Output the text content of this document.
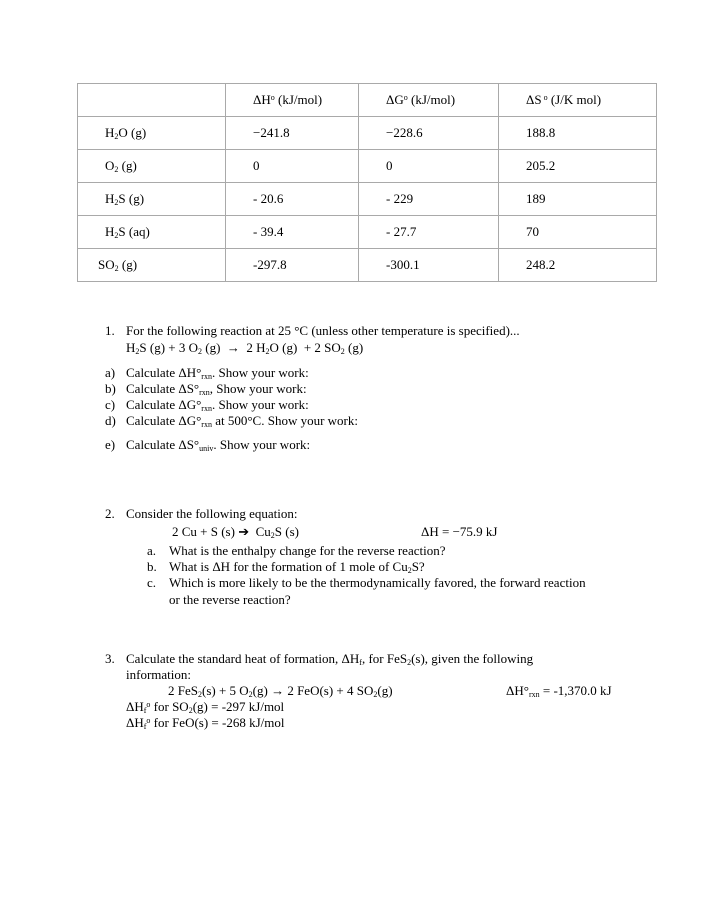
	$\Delta H^o$ (kJ/mol)	$\Delta G^o$ (kJ/mol)	ΔS $^o$ (J/K mol)

$H_2O$ (g)	−241.8	−228.6	188.8

$O_2$ (g)	0	0	205.2

$H_2S$ (g)	- 20.6	- 229	189

$H_2S$ (aq)	- 39.4	- 27.7	70

$SO_2$ (g)	-297.8	-300.1	248.2
1. For the following reaction at 25 °C (unless other temperature is specified)...
$H_2S$ (g) + 3 $O_2$ (g)  →  2 $H_2O$ (g)  + 2 $SO_2$ (g)
a) Calculate $\Delta H^\circ_{rxn}$. Show your work:
b) Calculate $\Delta S^\circ_{rxn}$, Show your work:
c) Calculate $\Delta G^\circ_{rxn}$. Show your work:
d) Calculate $\Delta G^\circ_{rxn}$ at 500°C. Show your work:
e) Calculate $\Delta S^\circ_{univ}$. Show your work:
2. Consider the following equation:
2 Cu + S (s) ➔ $Cu_2S$ (s)	ΔH = −75.9 kJ
a. What is the enthalpy change for the reverse reaction?
b. What is ΔH for the formation of 1 mole of $Cu_2S$?
c. Which is more likely to be the thermodynamically favored, the forward reaction
or the reverse reaction?
3. Calculate the standard heat of formation, $\Delta H_f$, for FeS$_2$(s), given the following
information:
2 FeS$_2$(s) + 5 $O_2(g) \to 2$ FeO(s) + 4 $SO_2(g)$	$\Delta H^\circ_{rxn} = -1,370.0$ kJ
$\Delta H_f^o$ for $SO_2(g) = -297$ kJ/mol
$\Delta H_f^o$ for FeO(s) = -268 kJ/mol
